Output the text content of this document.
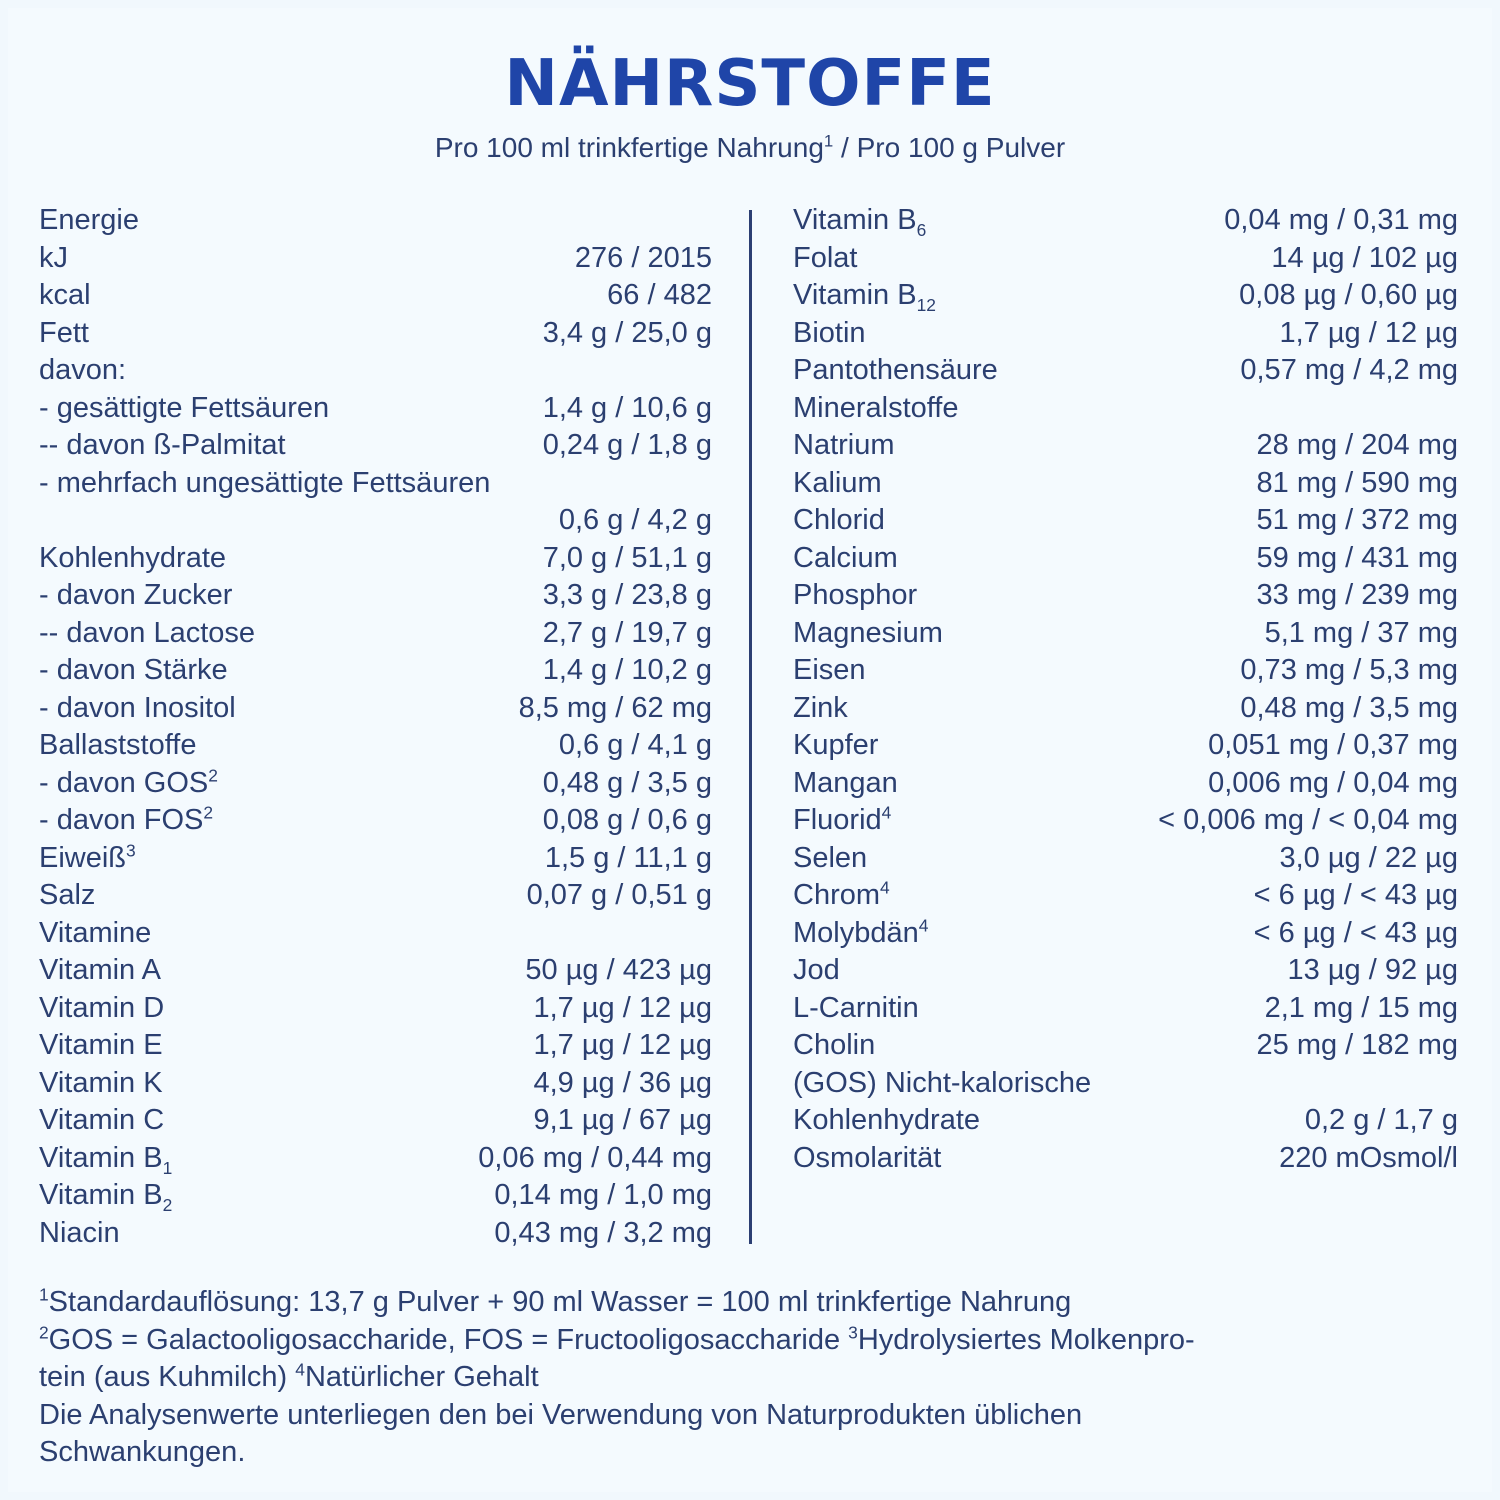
NÄHRSTOFFE
Pro 100 ml trinkfertige Nahrung$^1$ / Pro 100 g Pulver
Energie
kJ	276 / 2015
kcal	66 / 482
Fett	3,4 g / 25,0 g
davon:
- gesättigte Fettsäuren	1,4 g / 10,6 g
-- davon ß-Palmitat	0,24 g / 1,8 g
- mehrfach ungesättigte Fettsäuren
0,6 g / 4,2 g
Kohlenhydrate	7,0 g / 51,1 g
- davon Zucker	3,3 g / 23,8 g
-- davon Lactose	2,7 g / 19,7 g
- davon Stärke	1,4 g / 10,2 g
- davon Inositol	8,5 mg / 62 mg
Ballaststoffe	0,6 g / 4,1 g
- davon GOS$^2$	0,48 g / 3,5 g
- davon FOS$^2$	0,08 g / 0,6 g
Eiweiß$^3$	1,5 g / 11,1 g
Salz	0,07 g / 0,51 g
Vitamine
Vitamin A	50 µg / 423 µg
Vitamin D	1,7 µg / 12 µg
Vitamin E	1,7 µg / 12 µg
Vitamin K	4,9 µg / 36 µg
Vitamin C	9,1 µg / 67 µg
Vitamin $B_1$	0,06 mg / 0,44 mg
Vitamin $B_2$	0,14 mg / 1,0 mg
Niacin	0,43 mg / 3,2 mg
Vitamin $B_6$	0,04 mg / 0,31 mg
Folat	14 µg / 102 µg
Vitamin $B_{12}$	0,08 µg / 0,60 µg
Biotin	1,7 µg / 12 µg
Pantothensäure	0,57 mg / 4,2 mg
Mineralstoffe
Natrium	28 mg / 204 mg
Kalium	81 mg / 590 mg
Chlorid	51 mg / 372 mg
Calcium	59 mg / 431 mg
Phosphor	33 mg / 239 mg
Magnesium	5,1 mg / 37 mg
Eisen	0,73 mg / 5,3 mg
Zink	0,48 mg / 3,5 mg
Kupfer	0,051 mg / 0,37 mg
Mangan	0,006 mg / 0,04 mg
Fluorid$^4$	< 0,006 mg / < 0,04 mg
Selen	3,0 µg / 22 µg
Chrom$^4$	< 6 µg / < 43 µg
Molybdän$^4$	< 6 µg / < 43 µg
Jod	13 µg / 92 µg
L-Carnitin	2,1 mg / 15 mg
Cholin	25 mg / 182 mg
(GOS) Nicht-kalorische
Kohlenhydrate	0,2 g / 1,7 g
Osmolarität	220 mOsmol/l

$^1$Standardauflösung: 13,7 g Pulver + 90 ml Wasser = 100 ml trinkfertige Nahrung

$^2$GOS = Galactooligosaccharide, FOS = Fructooligosaccharide $^3$Hydrolysiertes Molkenpro-

tein (aus Kuhmilch) $^4$Natürlicher Gehalt

Die Analysenwerte unterliegen den bei Verwendung von Naturprodukten üblichen

Schwankungen.
